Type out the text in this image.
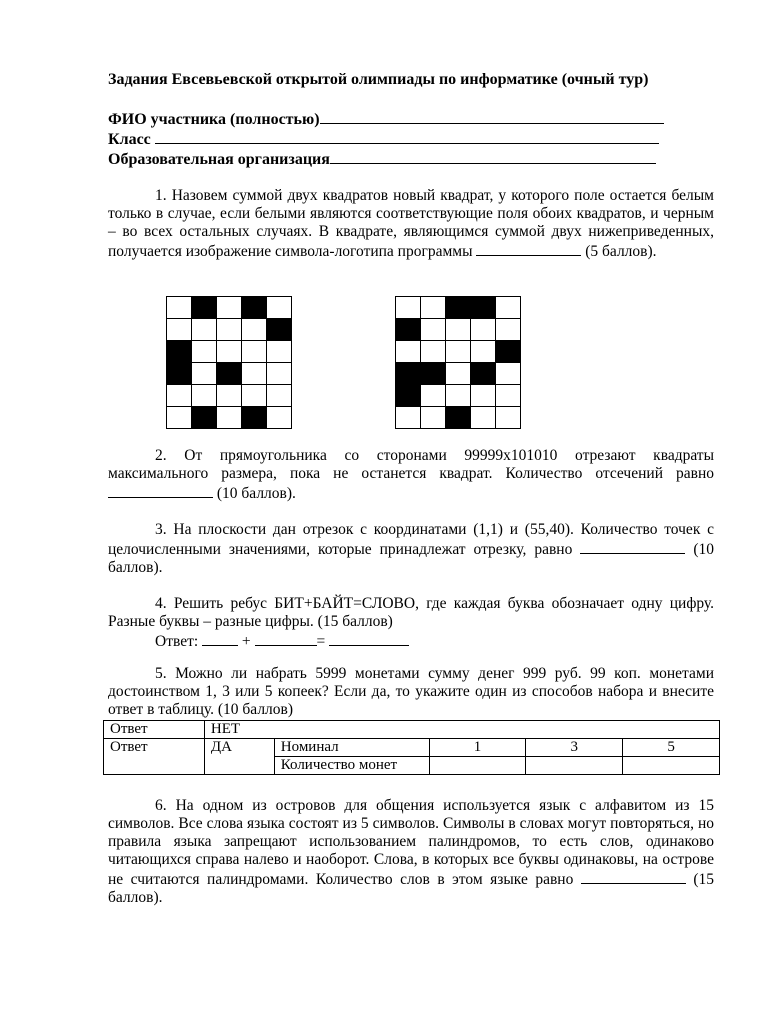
Задания Евсевьевской открытой олимпиады по информатике (очный тур)
ФИО участника (полностью)
Класс
Образовательная организация
1. Назовем суммой двух квадратов новый квадрат, у которого поле остается белым только в случае, если белыми являются соответствующие поля обоих квадратов, и черным – во всех остальных случаях. В квадрате, являющимся суммой двух нижеприведенных, получается изображение символа-логотипа программы	(5 баллов).

2. От прямоугольника со сторонами 99999x101010 отрезают квадраты максимального размера, пока не останется квадрат. Количество отсечений равно  (10 баллов).
3. На плоскости дан отрезок с координатами (1,1) и (55,40). Количество точек с целочисленными значениями, которые принадлежат отрезку, равно	(10 баллов).
4. Решить ребус БИТ+БАЙТ=СЛОВО, где каждая буква обозначает одну цифру. Разные буквы – разные цифры. (15 баллов)
Ответ:	+	=
5. Можно ли набрать 5999 монетами сумму денег 999 руб. 99 коп. монетами достоинством 1, 3 или 5 копеек? Если да, то укажите один из способов набора и внесите ответ в таблицу. (10 баллов)
Ответ	НЕТ				
Ответ	ДА	Номинал	1	3	5
		Количество монет			
6. На одном из островов для общения используется язык с алфавитом из 15 символов. Все слова языка состоят из 5 символов. Символы в словах могут повторяться, но правила языка запрещают использованием палиндромов, то есть слов, одинаково читающихся справа налево и наоборот. Слова, в которых все буквы одинаковы, на острове не считаются палиндромами. Количество слов в этом языке равно	(15 баллов).
